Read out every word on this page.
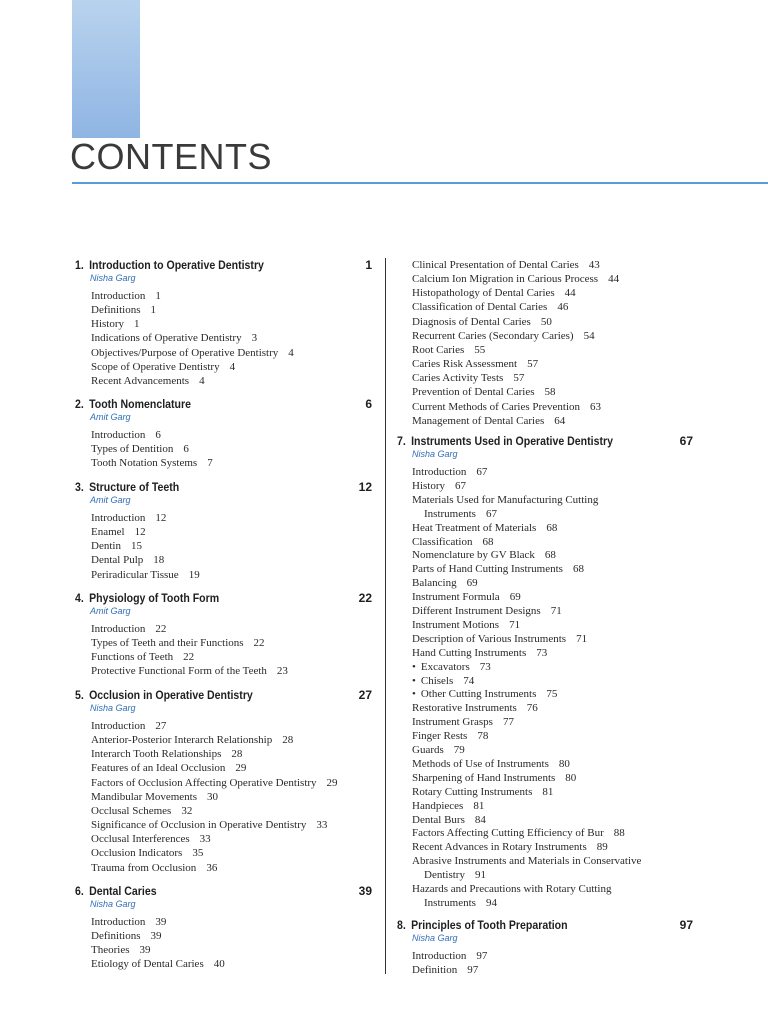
CONTENTS
1. Introduction to Operative Dentistry	1
Nisha Garg
Introduction 1
Definitions 1
History 1
Indications of Operative Dentistry 3
Objectives/Purpose of Operative Dentistry 4
Scope of Operative Dentistry 4
Recent Advancements 4
2. Tooth Nomenclature	6
Amit Garg
Introduction 6
Types of Dentition 6
Tooth Notation Systems 7
3. Structure of Teeth	12
Amit Garg
Introduction 12
Enamel 12
Dentin 15
Dental Pulp 18
Periradicular Tissue 19
4. Physiology of Tooth Form	22
Amit Garg
Introduction 22
Types of Teeth and their Functions 22
Functions of Teeth 22
Protective Functional Form of the Teeth 23
5. Occlusion in Operative Dentistry	27
Nisha Garg
Introduction 27
Anterior-Posterior Interarch Relationship 28
Interarch Tooth Relationships 28
Features of an Ideal Occlusion 29
Factors of Occlusion Affecting Operative Dentistry 29
Mandibular Movements 30
Occlusal Schemes 32
Significance of Occlusion in Operative Dentistry 33
Occlusal Interferences 33
Occlusion Indicators 35
Trauma from Occlusion 36
6. Dental Caries	39
Nisha Garg
Introduction 39
Definitions 39
Theories 39
Etiology of Dental Caries 40
Clinical Presentation of Dental Caries 43
Calcium Ion Migration in Carious Process 44
Histopathology of Dental Caries 44
Classification of Dental Caries 46
Diagnosis of Dental Caries 50
Recurrent Caries (Secondary Caries) 54
Root Caries 55
Caries Risk Assessment 57
Caries Activity Tests 57
Prevention of Dental Caries 58
Current Methods of Caries Prevention 63
Management of Dental Caries 64
7. Instruments Used in Operative Dentistry	67
Nisha Garg
Introduction 67
History 67
Materials Used for Manufacturing Cutting
Instruments 67
Heat Treatment of Materials 68
Classification 68
Nomenclature by GV Black 68
Parts of Hand Cutting Instruments 68
Balancing 69
Instrument Formula 69
Different Instrument Designs 71
Instrument Motions 71
Description of Various Instruments 71
Hand Cutting Instruments 73
• Excavators 73
• Chisels 74
• Other Cutting Instruments 75
Restorative Instruments 76
Instrument Grasps 77
Finger Rests 78
Guards 79
Methods of Use of Instruments 80
Sharpening of Hand Instruments 80
Rotary Cutting Instruments 81
Handpieces 81
Dental Burs 84
Factors Affecting Cutting Efficiency of Bur 88
Recent Advances in Rotary Instruments 89
Abrasive Instruments and Materials in Conservative
Dentistry 91
Hazards and Precautions with Rotary Cutting
Instruments 94
8. Principles of Tooth Preparation	97
Nisha Garg
Introduction 97
Definition 97
